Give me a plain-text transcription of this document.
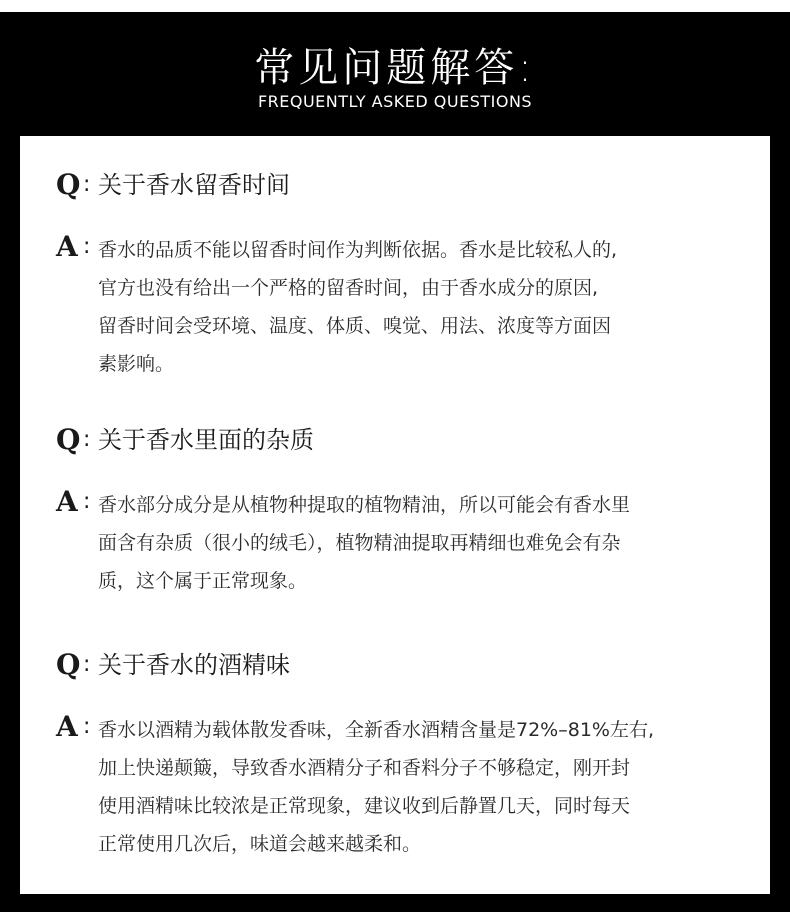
常见问题解答:
FREQUENTLY ASKED QUESTIONS
Q : 关于香水留香时间
A : 香水的品质不能以留香时间作为判断依据。香水是比较私人的,
官方也没有给出一个严格的留香时间，由于香水成分的原因,
留香时间会受环境、温度、体质、嗅觉、用法、浓度等方面因
素影响。
Q : 关于香水里面的杂质
A : 香水部分成分是从植物种提取的植物精油，所以可能会有香水里
面含有杂质（很小的绒毛），植物精油提取再精细也难免会有杂
质，这个属于正常现象。
Q : 关于香水的酒精味
A : 香水以酒精为载体散发香味，全新香水酒精含量是72%–81%左右,
加上快递颠簸，导致香水酒精分子和香料分子不够稳定，刚开封
使用酒精味比较浓是正常现象，建议收到后静置几天，同时每天
正常使用几次后，味道会越来越柔和。
